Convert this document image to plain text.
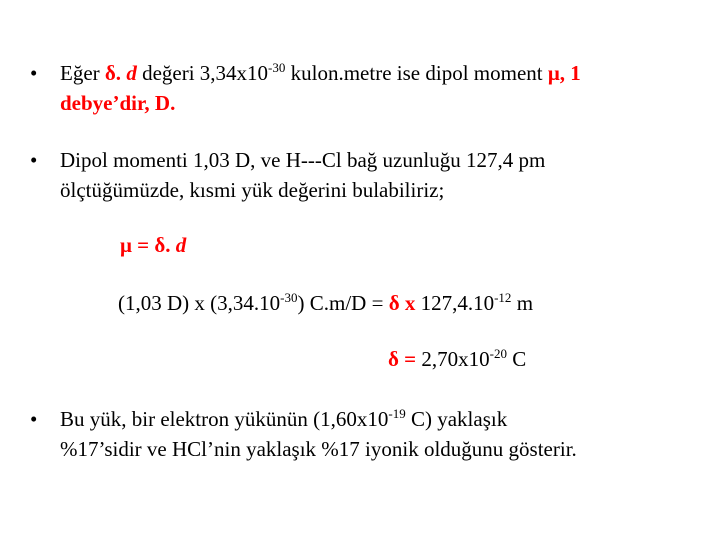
• Eğer δ. d değeri $3,34x10^{-30}$ kulon.metre ise dipol moment μ, 1
debye’dir, D.
• Dipol momenti 1,03 D, ve H---Cl bağ uzunluğu 127,4 pm
ölçtüğümüzde, kısmi yük değerini bulabiliriz;
μ = δ. d
(1,03 D) x $(3,34.10^{-30}) C.m/D = \delta$ x $127,4.10^{-12}$ m
$\delta = 2,70x10^{-20}$ C
• Bu yük, bir elektron yükünün ($1,60x10^{-19}$ C) yaklaşık
%17’sidir ve HCl’nin yaklaşık %17 iyonik olduğunu gösterir.
